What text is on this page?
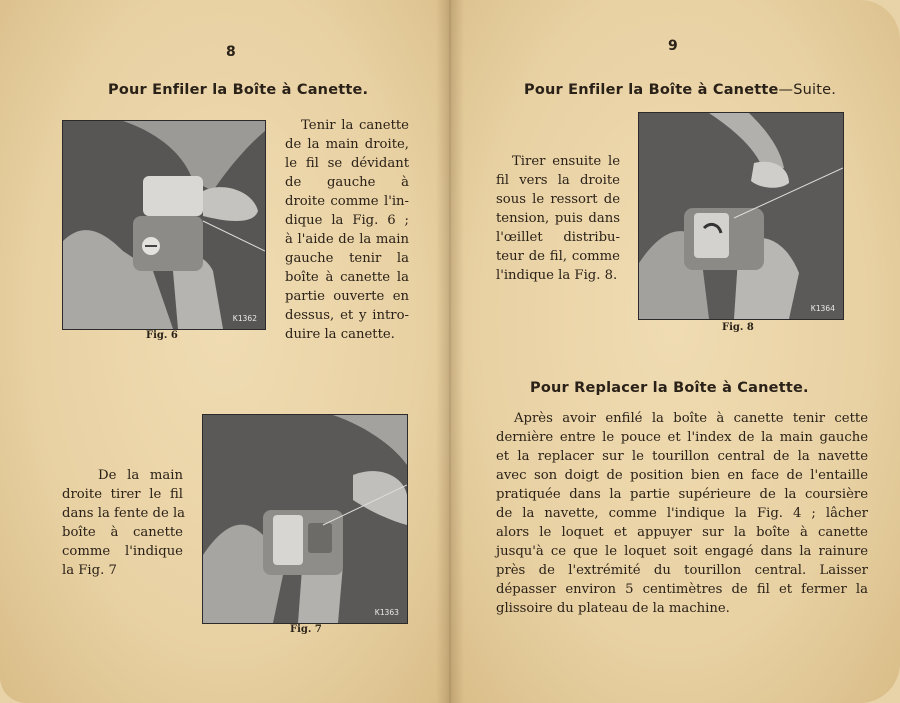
8
Pour Enfiler la Boîte à Canette.
K1362
Fig. 6
Tenir la canette
de la main droite,
le fil se dévidant
de gauche à
droite comme l'in-
dique la Fig. 6 ;
à l'aide de la main
gauche tenir la
boîte à canette la
partie ouverte en
dessus, et y intro-
duire la canette.
K1363
Fig. 7
De la main
droite tirer le fil
dans la fente de la
boîte à canette
comme l'indique
la Fig. 7
9
Pour Enfiler la Boîte à Canette—Suite.
Tirer ensuite le
fil vers la droite
sous le ressort de
tension, puis dans
l'œillet distribu-
teur de fil, comme
l'indique la Fig. 8.
K1364
Fig. 8
Pour Replacer la Boîte à Canette.
Après avoir enfilé la boîte à canette tenir cette
dernière entre le pouce et l'index de la main gauche
et la replacer sur le tourillon central de la navette
avec son doigt de position bien en face de l'entaille
pratiquée dans la partie supérieure de la coursière
de la navette, comme l'indique la Fig. 4 ; lâcher
alors le loquet et appuyer sur la boîte à canette
jusqu'à ce que le loquet soit engagé dans la rainure
près de l'extrémité du tourillon central. Laisser
dépasser environ 5 centimètres de fil et fermer la
glissoire du plateau de la machine.
